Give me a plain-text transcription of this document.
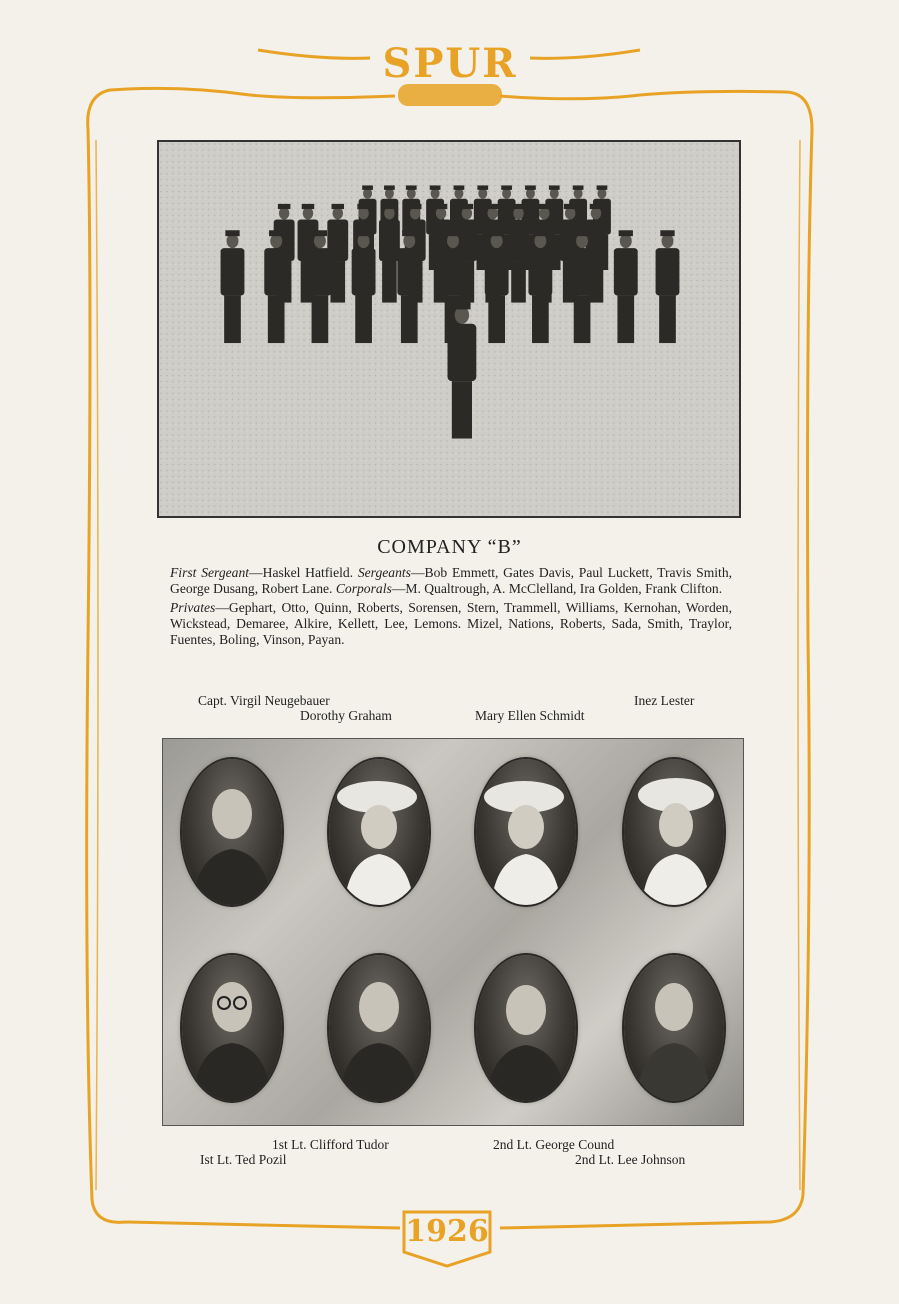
SPUR
1926
COMPANY “B”

First Sergeant—Haskel Hatfield. Sergeants—Bob Emmett, Gates Davis, Paul Luckett, Travis Smith, George Dusang, Robert Lane. Corporals—M. Qualtrough, A. McClelland, Ira Golden, Frank Clifton.

Privates—Gephart, Otto, Quinn, Roberts, Sorensen, Stern, Trammell, Williams, Kernohan, Worden, Wickstead, Demaree, Alkire, Kellett, Lee, Lemons. Mizel, Nations, Roberts, Sada, Smith, Traylor, Fuentes, Boling, Vinson, Payan.

Capt. Virgil Neugebauer
Dorothy Graham	Mary Ellen Schmidt
Inez Lester
1st Lt. Clifford Tudor
Ist Lt. Ted Pozil
2nd Lt. George Cound
2nd Lt. Lee Johnson
